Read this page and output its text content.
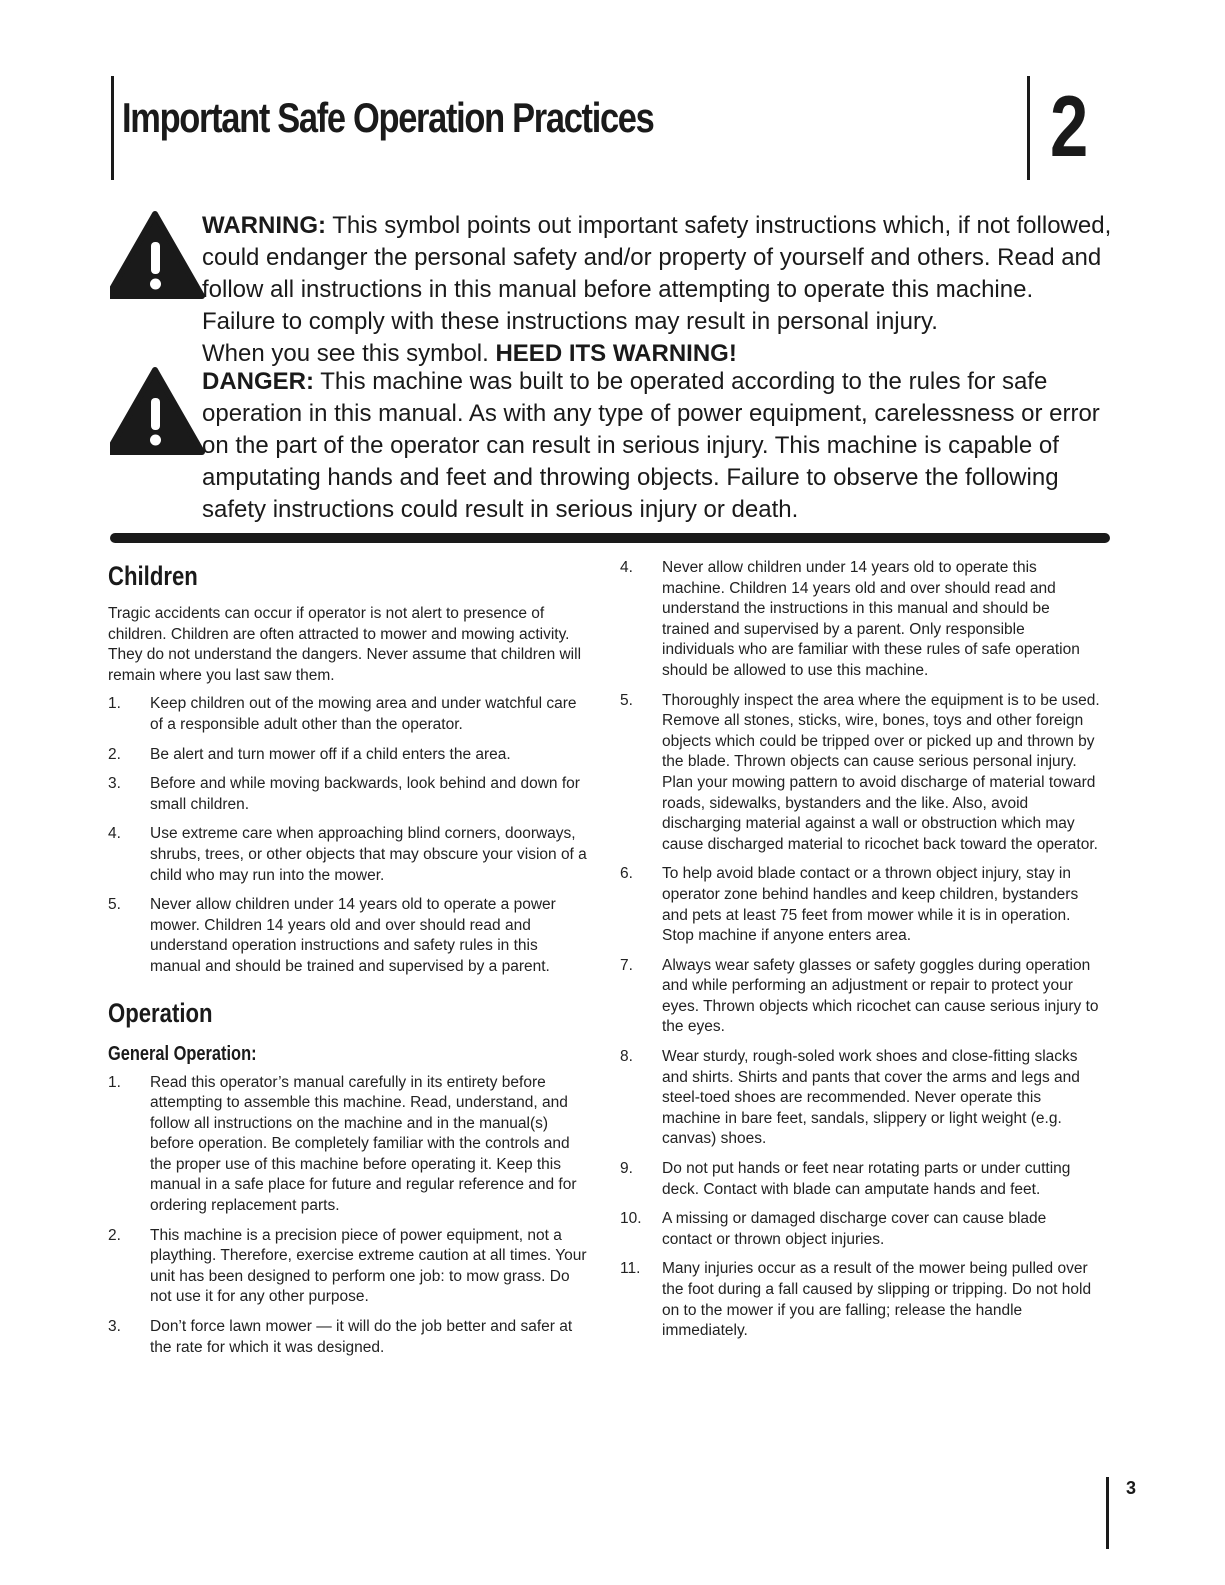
Important Safe Operation Practices	2
WARNING: This symbol points out important safety instructions which, if not followed, could endanger the personal safety and/or property of yourself and others. Read and follow all instructions in this manual before attempting to operate this machine. Failure to comply with these instructions may result in personal injury.
When you see this symbol. HEED ITS WARNING!
DANGER: This machine was built to be operated according to the rules for safe operation in this manual. As with any type of power equipment, carelessness or error on the part of the operator can result in serious injury. This machine is capable of amputating hands and feet and throwing objects. Failure to observe the following safety instructions could result in serious injury or death.
Children
Tragic accidents can occur if operator is not alert to presence of children. Children are often attracted to mower and mowing activity. They do not understand the dangers. Never assume that children will remain where you last saw them.
1.	Keep children out of the mowing area and under watchful care of a responsible adult other than the operator.
2.	Be alert and turn mower off if a child enters the area.
3.	Before and while moving backwards, look behind and down for small children.
4.	Use extreme care when approaching blind corners, doorways, shrubs, trees, or other objects that may obscure your vision of a child who may run into the mower.
5.	Never allow children under 14 years old to operate a power mower. Children 14 years old and over should read and understand operation instructions and safety rules in this manual and should be trained and supervised by a parent.
Operation
General Operation:
1.	Read this operator’s manual carefully in its entirety before attempting to assemble this machine. Read, understand, and follow all instructions on the machine and in the manual(s) before operation. Be completely familiar with the controls and the proper use of this machine before operating it. Keep this manual in a safe place for future and regular reference and for ordering replacement parts.
2.	This machine is a precision piece of power equipment, not a plaything. Therefore, exercise extreme caution at all times. Your unit has been designed to perform one job: to mow grass. Do not use it for any other purpose.
3.	Don’t force lawn mower — it will do the job better and safer at the rate for which it was designed.
4.	Never allow children under 14 years old to operate this machine. Children 14 years old and over should read and understand the instructions in this manual and should be trained and supervised by a parent. Only responsible individuals who are familiar with these rules of safe operation should be allowed to use this machine.
5.	Thoroughly inspect the area where the equipment is to be used. Remove all stones, sticks, wire, bones, toys and other foreign objects which could be tripped over or picked up and thrown by the blade. Thrown objects can cause serious personal injury. Plan your mowing pattern to avoid discharge of material toward roads, sidewalks, bystanders and the like. Also, avoid discharging material against a wall or obstruction which may cause discharged material to ricochet back toward the operator.
6.	To help avoid blade contact or a thrown object injury, stay in operator zone behind handles and keep children, bystanders and pets at least 75 feet from mower while it is in operation. Stop machine if anyone enters area.
7.	Always wear safety glasses or safety goggles during operation and while performing an adjustment or repair to protect your eyes. Thrown objects which ricochet can cause serious injury to the eyes.
8.	Wear sturdy, rough-soled work shoes and close-fitting slacks and shirts. Shirts and pants that cover the arms and legs and steel-toed shoes are recommended. Never operate this machine in bare feet, sandals, slippery or light weight (e.g. canvas) shoes.
9.	Do not put hands or feet near rotating parts or under cutting deck. Contact with blade can amputate hands and feet.
10.	A missing or damaged discharge cover can cause blade contact or thrown object injuries.
11.	Many injuries occur as a result of the mower being pulled over the foot during a fall caused by slipping or tripping. Do not hold on to the mower if you are falling; release the handle immediately.
3
